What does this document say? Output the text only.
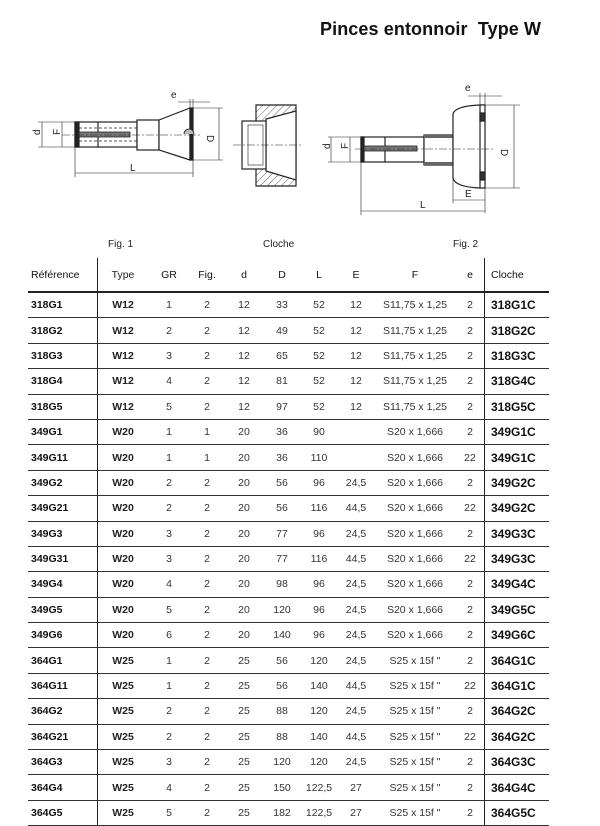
Pinces entonnoir  Type W
e
d F
D
L
e
d F
D
E
L
Fig. 1	Cloche	Fig. 2
Référence	Type	GR	Fig.	d	D	L	E	F	e	Cloche
318G1	W12	1	2	12	33	52	12	S11,75 x 1,25	2	318G1C
318G2	W12	2	2	12	49	52	12	S11,75 x 1,25	2	318G2C
318G3	W12	3	2	12	65	52	12	S11,75 x 1,25	2	318G3C
318G4	W12	4	2	12	81	52	12	S11,75 x 1,25	2	318G4C
318G5	W12	5	2	12	97	52	12	S11,75 x 1,25	2	318G5C
349G1	W20	1	1	20	36	90		S20 x 1,666	2	349G1C
349G11	W20	1	1	20	36	110		S20 x 1,666	22	349G1C
349G2	W20	2	2	20	56	96	24,5	S20 x 1,666	2	349G2C
349G21	W20	2	2	20	56	116	44,5	S20 x 1,666	22	349G2C
349G3	W20	3	2	20	77	96	24,5	S20 x 1,666	2	349G3C
349G31	W20	3	2	20	77	116	44,5	S20 x 1,666	22	349G3C
349G4	W20	4	2	20	98	96	24,5	S20 x 1,666	2	349G4C
349G5	W20	5	2	20	120	96	24,5	S20 x 1,666	2	349G5C
349G6	W20	6	2	20	140	96	24,5	S20 x 1,666	2	349G6C
364G1	W25	1	2	25	56	120	24,5	S25 x 15f "	2	364G1C
364G11	W25	1	2	25	56	140	44,5	S25 x 15f "	22	364G1C
364G2	W25	2	2	25	88	120	24,5	S25 x 15f "	2	364G2C
364G21	W25	2	2	25	88	140	44,5	S25 x 15f "	22	364G2C
364G3	W25	3	2	25	120	120	24,5	S25 x 15f "	2	364G3C
364G4	W25	4	2	25	150	122,5	27	S25 x 15f "	2	364G4C
364G5	W25	5	2	25	182	122,5	27	S25 x 15f "	2	364G5C
